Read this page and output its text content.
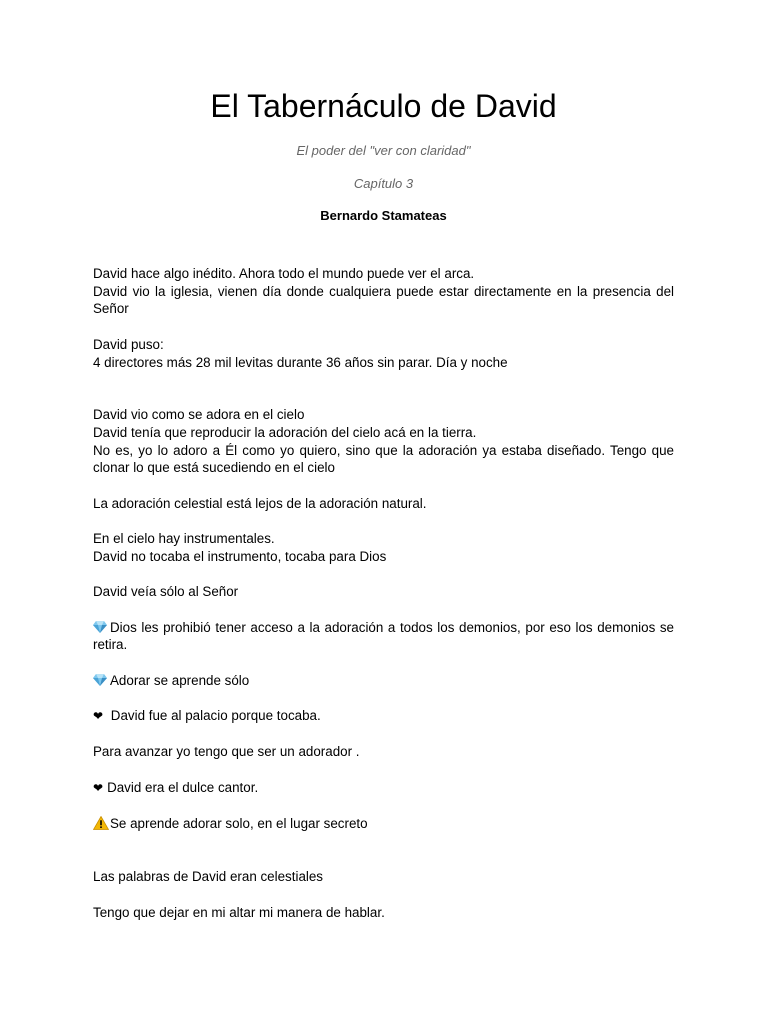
El Tabernáculo de David
El poder del "ver con claridad"
Capítulo 3
Bernardo Stamateas

David hace algo inédito. Ahora todo el mundo puede ver el arca.

David vio la iglesia, vienen día donde cualquiera puede estar directamente en la presencia del Señor

David puso:

4 directores más 28 mil levitas durante 36 años sin parar. Día y noche

David vio como se adora en el cielo

David tenía que reproducir la adoración del cielo acá en la tierra.

No es, yo lo adoro a Él como yo quiero, sino que la adoración ya estaba diseñado. Tengo que clonar lo que está sucediendo en el cielo

La adoración celestial está lejos de la adoración natural.

En el cielo hay instrumentales.

David no tocaba el instrumento, tocaba para Dios

David veía sólo al Señor

Dios les prohibió tener acceso a la adoración a todos los demonios, por eso los demonios se retira.

Adorar se aprende sólo

❤ David fue al palacio porque tocaba.

Para avanzar yo tengo que ser un adorador .

❤ David era el dulce cantor.

Se aprende adorar solo, en el lugar secreto

Las palabras de David eran celestiales

Tengo que dejar en mi altar mi manera de hablar.
